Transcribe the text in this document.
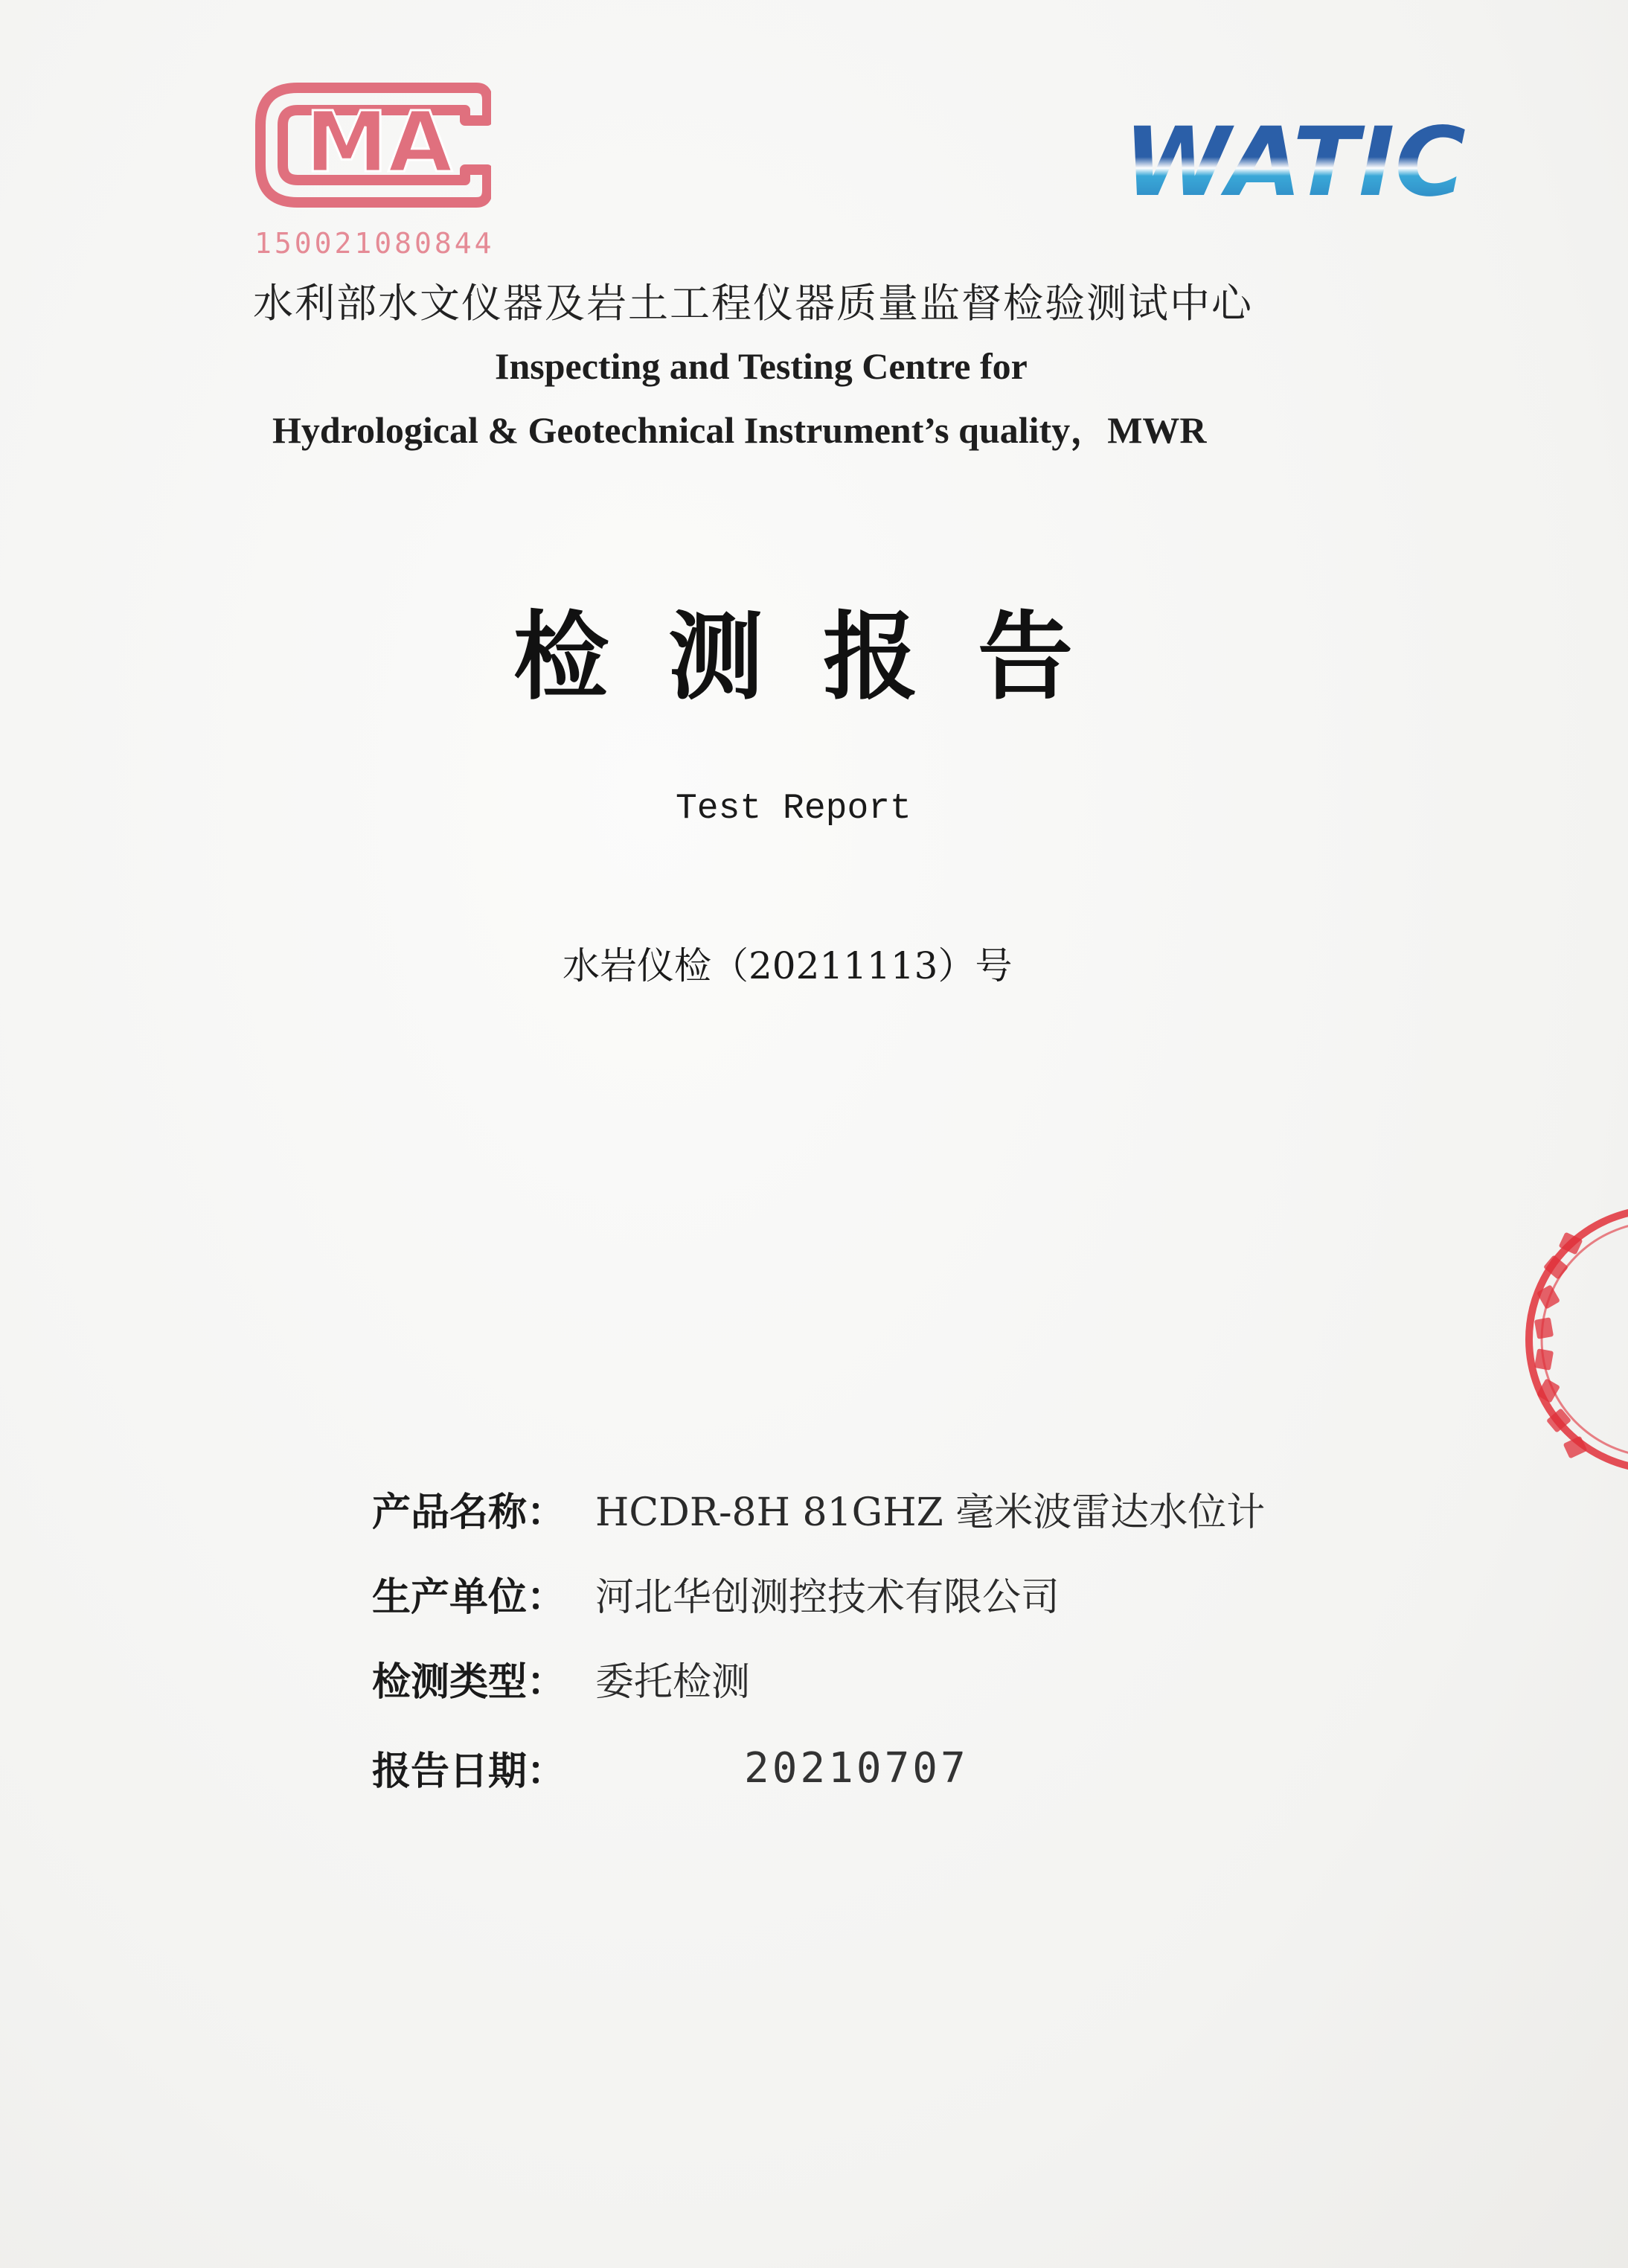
MA
150021080844
WATIC
水利部水文仪器及岩土工程仪器质量监督检验测试中心
Inspecting and Testing Centre for
Hydrological & Geotechnical Instrument’s quality，MWR
检测报告
Test Report
水岩仪检（20211113）号
产品名称： HCDR-8H 81GHZ 毫米波雷达水位计
生产单位： 河北华创测控技术有限公司
检测类型： 委托检测
报告日期：	20210707
